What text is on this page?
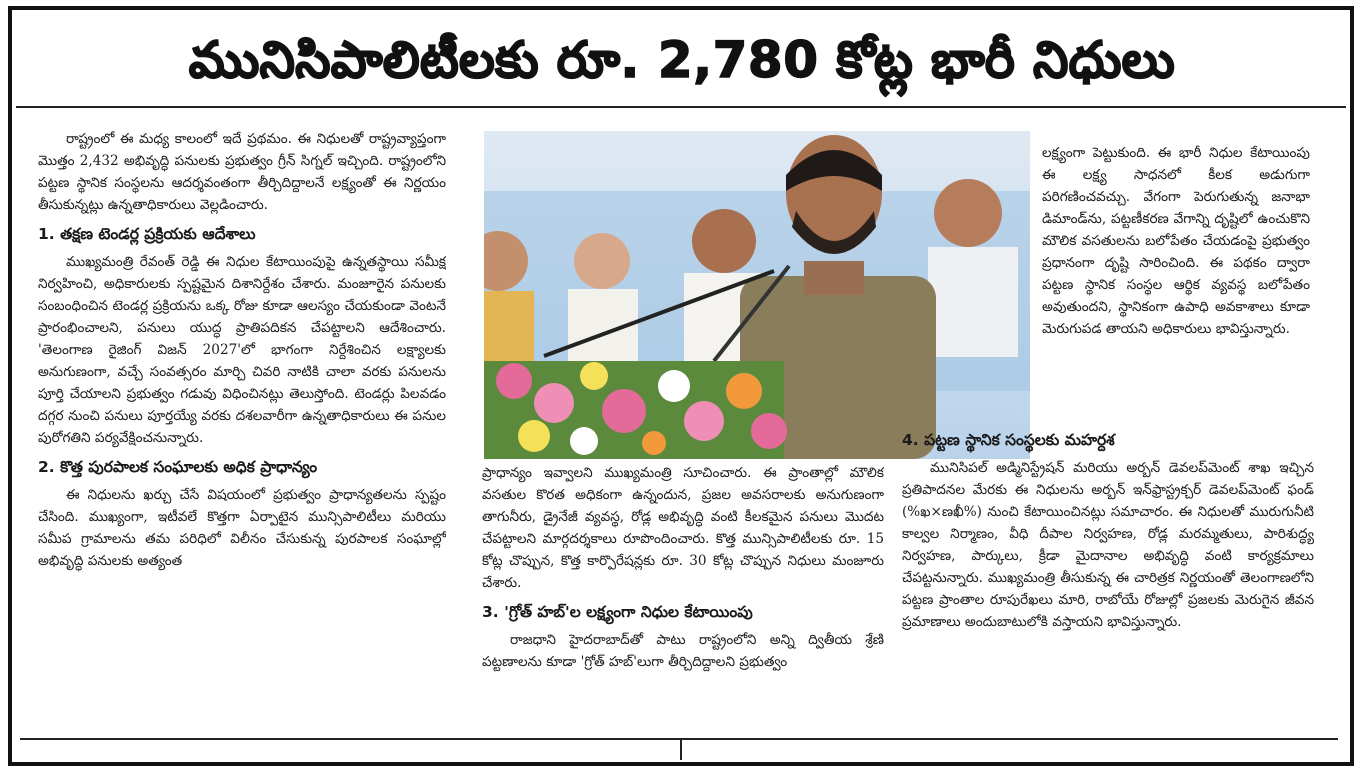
మునిసిపాలిటీలకు రూ. 2,780 కోట్ల భారీ నిధులు

రాష్ట్రంలో ఈ మధ్య కాలంలో ఇదే ప్రథమం. ఈ నిధులతో రాష్ట్రవ్యాప్తంగా మొత్తం 2,432 అభివృద్ధి పనులకు ప్రభుత్వం గ్రీన్ సిగ్నల్ ఇచ్చింది. రాష్ట్రంలోని పట్టణ స్థానిక సంస్థలను ఆదర్శవంతంగా తీర్చిదిద్దాలనే లక్ష్యంతో ఈ నిర్ణయం తీసుకున్నట్లు ఉన్నతాధికారులు వెల్లడించారు.

1. తక్షణ టెండర్ల ప్రక్రియకు ఆదేశాలు

ముఖ్యమంత్రి రేవంత్ రెడ్డి ఈ నిధుల కేటాయింపుపై ఉన్నతస్థాయి సమీక్ష నిర్వహించి, అధికారులకు స్పష్టమైన దిశానిర్దేశం చేశారు. మంజూరైన పనులకు సంబంధించిన టెండర్ల ప్రక్రియను ఒక్క రోజు కూడా ఆలస్యం చేయకుండా వెంటనే ప్రారంభించాలని, పనులు యుద్ధ ప్రాతిపదికన చేపట్టాలని ఆదేశించారు. 'తెలంగాణ రైజింగ్ విజన్ 2027'లో భాగంగా నిర్దేశించిన లక్ష్యాలకు అనుగుణంగా, వచ్చే సంవత్సరం మార్చి చివరి నాటికి చాలా వరకు పనులను పూర్తి చేయాలని ప్రభుత్వం గడువు విధించినట్లు తెలుస్తోంది. టెండర్లు పిలవడం దగ్గర నుంచి పనులు పూర్తయ్యే వరకు దశలవారీగా ఉన్నతాధికారులు ఈ పనుల పురోగతిని పర్యవేక్షించనున్నారు.

2. కొత్త పురపాలక సంఘాలకు అధిక ప్రాధాన్యం

ఈ నిధులను ఖర్చు చేసే విషయంలో ప్రభుత్వం ప్రాధాన్యతలను స్పష్టం చేసింది. ముఖ్యంగా, ఇటీవలే కొత్తగా ఏర్పాటైన మున్సిపాలిటీలు మరియు సమీప గ్రామాలను తమ పరిధిలో విలీనం చేసుకున్న పురపాలక సంఘాల్లో అభివృద్ధి పనులకు అత్యంత

ప్రాధాన్యం ఇవ్వాలని ముఖ్యమంత్రి సూచించారు. ఈ ప్రాంతాల్లో మౌలిక వసతుల కొరత అధికంగా ఉన్నందున, ప్రజల అవసరాలకు అనుగుణంగా తాగునీరు, డ్రైనేజీ వ్యవస్థ, రోడ్ల అభివృద్ధి వంటి కీలకమైన పనులు మొదట చేపట్టాలని మార్గదర్శకాలు రూపొందించారు. కొత్త మున్సిపాలిటీలకు రూ. 15 కోట్ల చొప్పున, కొత్త కార్పొరేషన్లకు రూ. 30 కోట్ల చొప్పున నిధులు మంజూరు చేశారు.

3. 'గ్రోత్ హబ్'ల లక్ష్యంగా నిధుల కేటాయింపు

రాజధాని హైదరాబాద్‌తో పాటు రాష్ట్రంలోని అన్ని ద్వితీయ శ్రేణి పట్టణాలను కూడా 'గ్రోత్ హబ్'లుగా తీర్చిదిద్దాలని ప్రభుత్వం

లక్ష్యంగా పెట్టుకుంది. ఈ భారీ నిధుల కేటాయింపు ఈ లక్ష్య సాధనలో కీలక అడుగుగా పరిగణించవచ్చు. వేగంగా పెరుగుతున్న జనాభా డిమాండ్‌ను, పట్టణీకరణ వేగాన్ని దృష్టిలో ఉంచుకొని మౌలిక వసతులను బలోపేతం చేయడంపై ప్రభుత్వం ప్రధానంగా దృష్టి సారించింది. ఈ పథకం ద్వారా పట్టణ స్థానిక సంస్థల ఆర్థిక వ్యవస్థ బలోపేతం అవుతుందని, స్థానికంగా ఉపాధి అవకాశాలు కూడా మెరుగుపడ తాయని అధికారులు భావిస్తున్నారు.

4. పట్టణ స్థానిక సంస్థలకు మహర్దశ

మునిసిపల్ అడ్మినిస్ట్రేషన్ మరియు అర్బన్ డెవలప్‌మెంట్ శాఖ ఇచ్చిన ప్రతిపాదనల మేరకు ఈ నిధులను అర్బన్ ఇన్‌ఫ్రాస్ట్రక్చర్ డెవలప్‌మెంట్ ఫండ్ (%ఖ×ణఖీ%) నుంచి కేటాయించినట్లు సమాచారం. ఈ నిధులతో మురుగునీటి కాల్వల నిర్మాణం, వీధి దీపాల నిర్వహణ, రోడ్ల మరమ్మతులు, పారిశుద్ధ్య నిర్వహణ, పార్కులు, క్రీడా మైదానాల అభివృద్ధి వంటి కార్యక్రమాలు చేపట్టనున్నారు. ముఖ్యమంత్రి తీసుకున్న ఈ చారిత్రక నిర్ణయంతో తెలంగాణలోని పట్టణ ప్రాంతాల రూపురేఖలు మారి, రాబోయే రోజుల్లో ప్రజలకు మెరుగైన జీవన ప్రమాణాలు అందుబాటులోకి వస్తాయని భావిస్తున్నారు.
